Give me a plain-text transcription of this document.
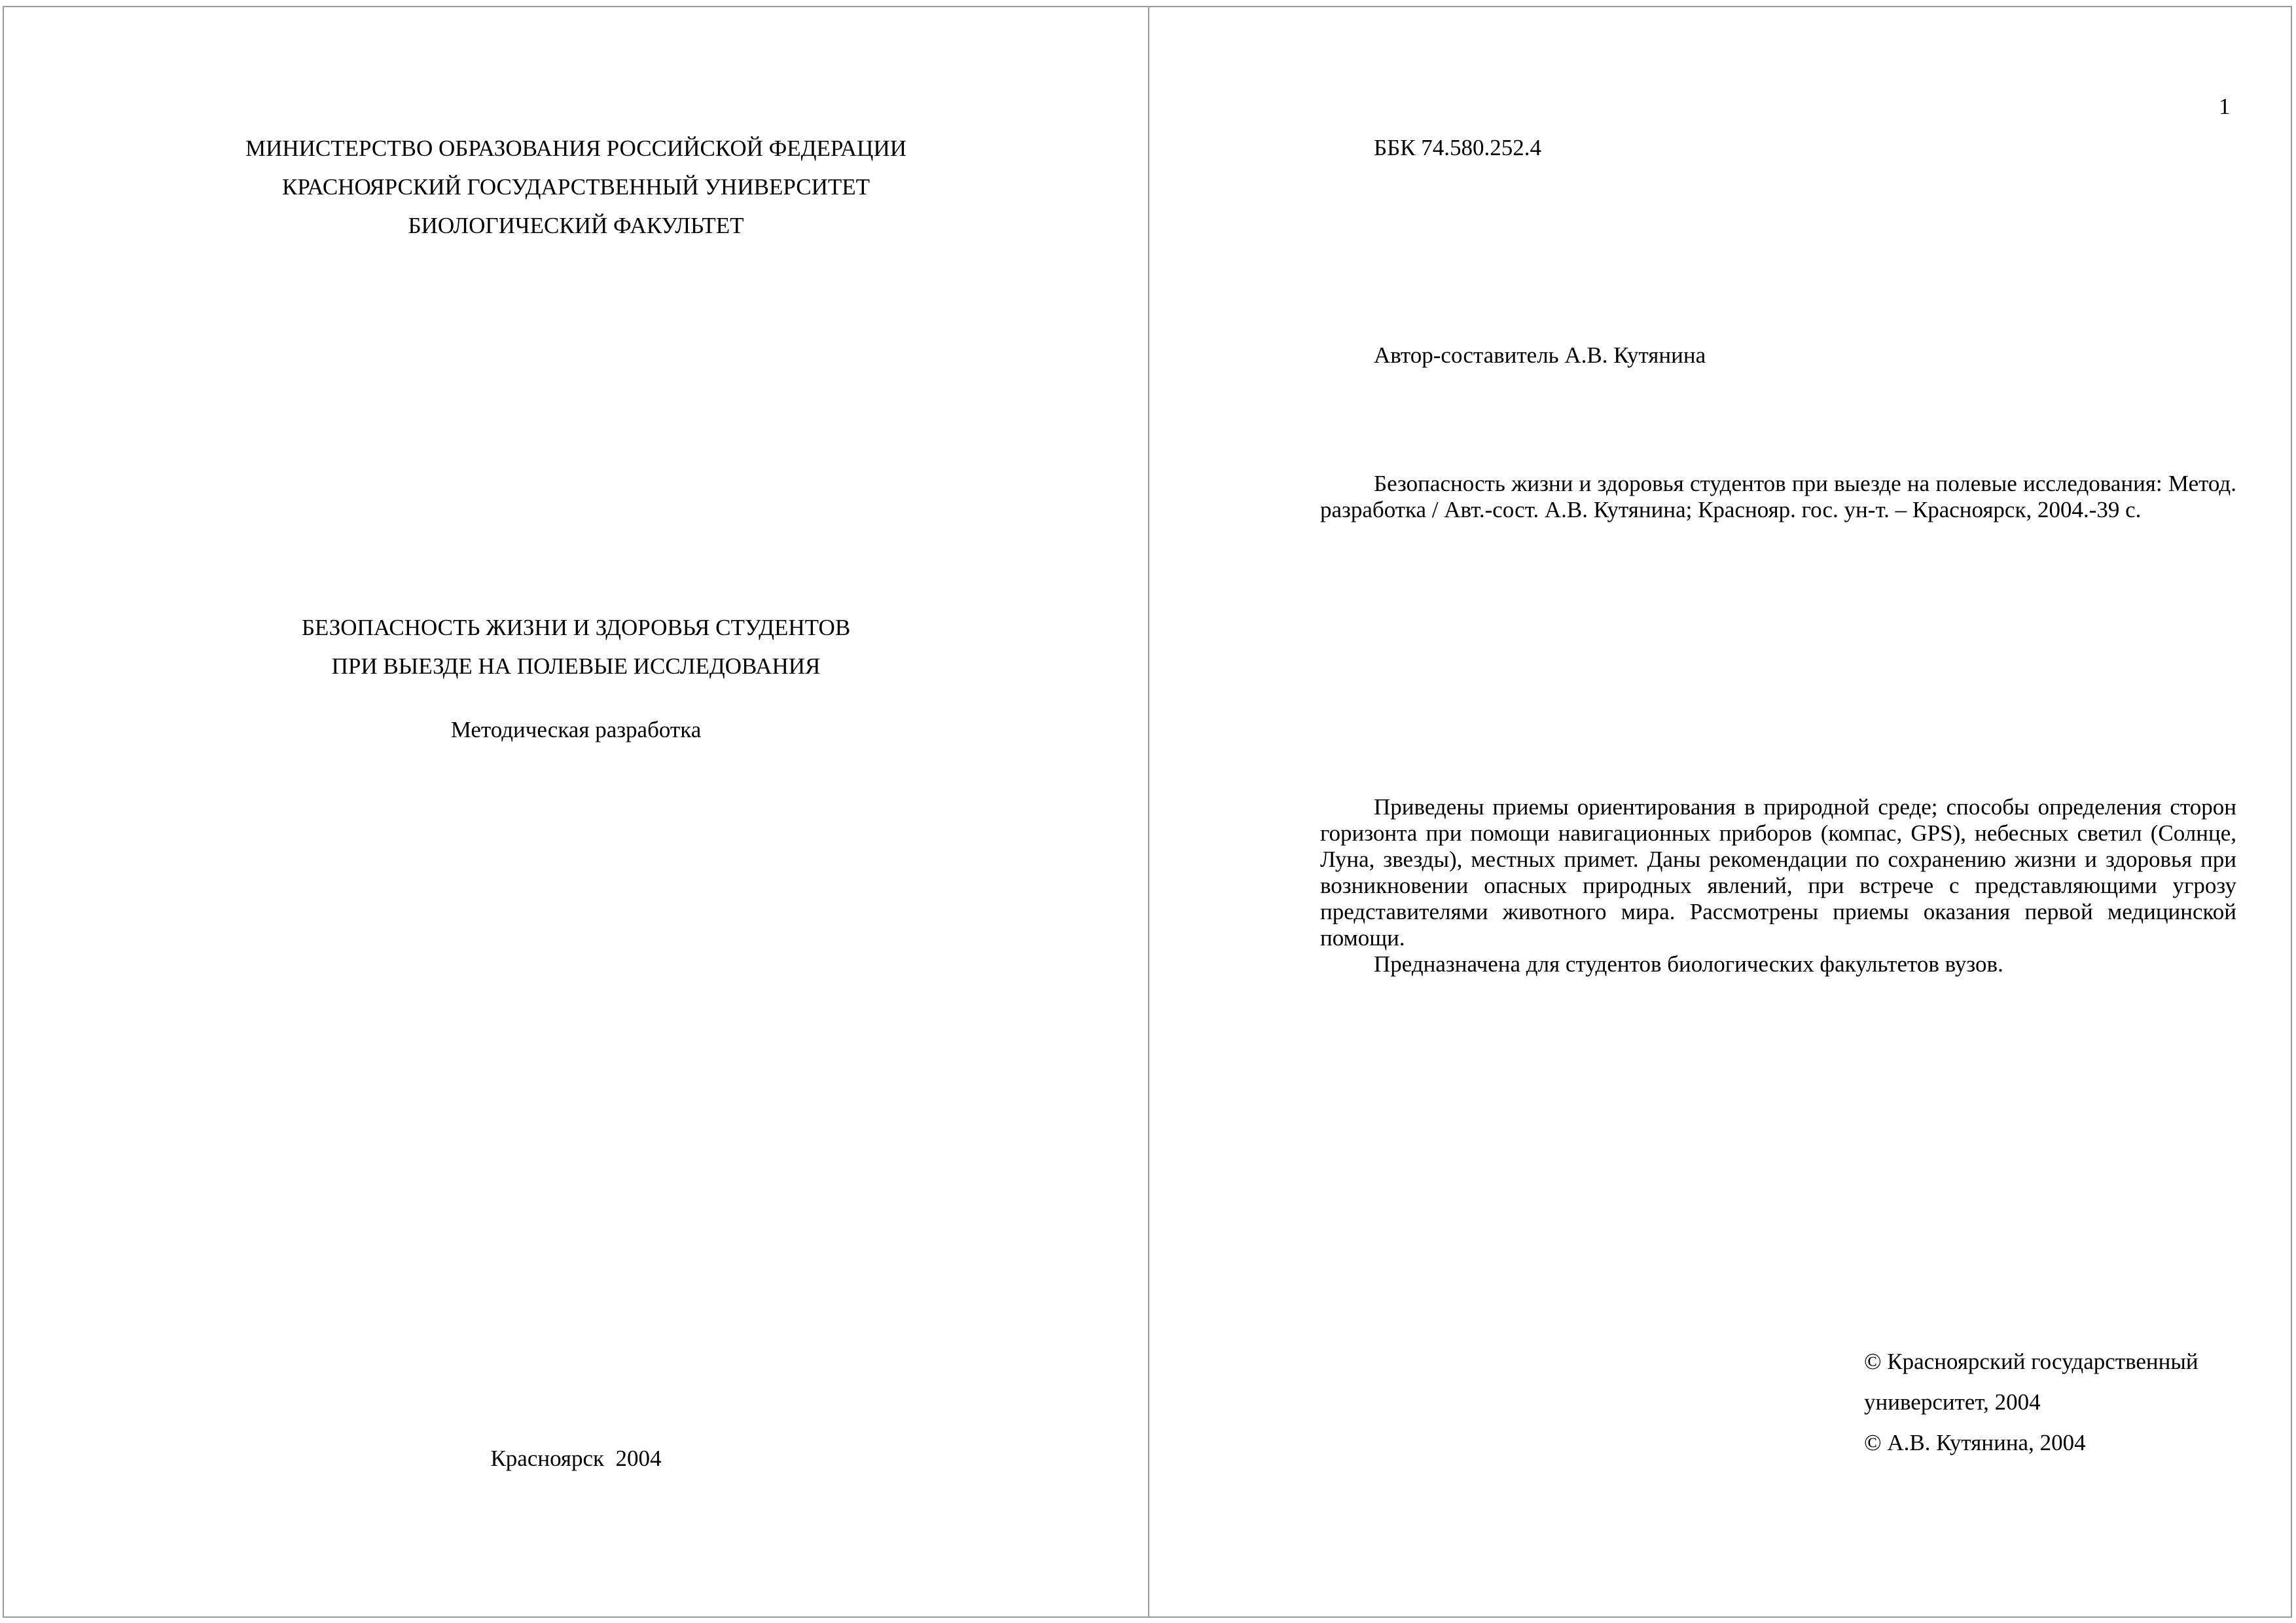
МИНИСТЕРСТВО ОБРАЗОВАНИЯ РОССИЙСКОЙ ФЕДЕРАЦИИ
КРАСНОЯРСКИЙ ГОСУДАРСТВЕННЫЙ УНИВЕРСИТЕТ
БИОЛОГИЧЕСКИЙ ФАКУЛЬТЕТ
БЕЗОПАСНОСТЬ ЖИЗНИ И ЗДОРОВЬЯ СТУДЕНТОВ
ПРИ ВЫЕЗДЕ НА ПОЛЕВЫЕ ИССЛЕДОВАНИЯ
Методическая разработка
Красноярск  2004
1
ББК 74.580.252.4
Автор-составитель А.В. Кутянина
Безопасность жизни и здоровья студентов при выезде на полевые исследования: Метод.
разработка / Авт.-сост. А.В. Кутянина; Краснояр. гос. ун-т. – Красноярск, 2004.-39 с.
Приведены приемы ориентирования в природной среде; способы определения сторон
горизонта при помощи навигационных приборов (компас, GPS), небесных светил (Солнце,
Луна, звезды), местных примет. Даны рекомендации по сохранению жизни и здоровья при
возникновении опасных природных явлений, при встрече с представляющими угрозу
представителями животного мира. Рассмотрены приемы оказания первой медицинской
помощи.
Предназначена для студентов биологических факультетов вузов.
© Красноярский государственный
университет, 2004
© А.В. Кутянина, 2004
